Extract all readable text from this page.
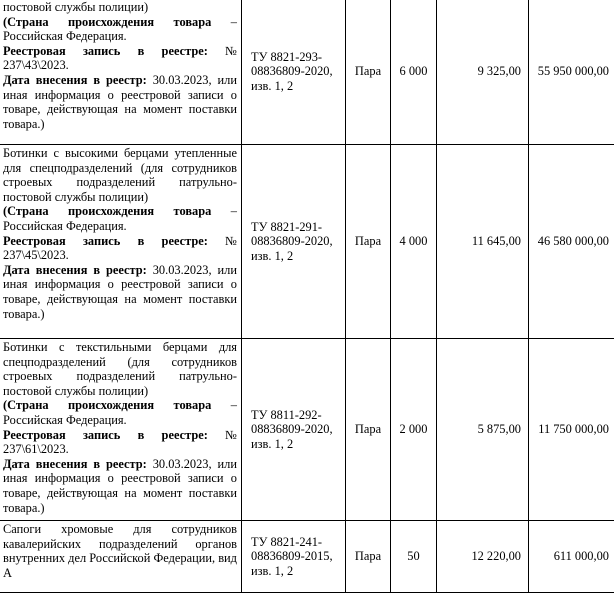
постовой службы полиции)

(Страна происхождения товара – Российская Федерация.

Реестровая запись в реестре: № 237\43\2023.

Дата внесения в реестр: 30.03.2023, или иная информация о реестровой записи о товаре, действующая на момент поставки товара.)	ТУ 8821-293-08836809-2020, изв. 1, 2	Пара	6 000	9 325,00	55 950 000,00

Ботинки с высокими берцами утепленные для спецподразделений (для сотрудников строевых подразделений патрульно-постовой службы полиции)

(Страна происхождения товара – Российская Федерация.

Реестровая запись в реестре: № 237\45\2023.

Дата внесения в реестр: 30.03.2023, или иная информация о реестровой записи о товаре, действующая на момент поставки товара.)	ТУ 8821-291-08836809-2020, изв. 1, 2	Пара	4 000	11 645,00	46 580 000,00

Ботинки с текстильными берцами для спецподразделений (для сотрудников строевых подразделений патрульно-постовой службы полиции)

(Страна происхождения товара – Российская Федерация.

Реестровая запись в реестре: № 237\61\2023.

Дата внесения в реестр: 30.03.2023, или иная информация о реестровой записи о товаре, действующая на момент поставки товара.)	ТУ 8811-292-08836809-2020, изв. 1, 2	Пара	2 000	5 875,00	11 750 000,00

Сапоги хромовые для сотрудников кавалерийских подразделений органов внутренних дел Российской Федерации, вид А	ТУ 8821-241-08836809-2015, изв. 1, 2	Пара	50	12 220,00	611 000,00
